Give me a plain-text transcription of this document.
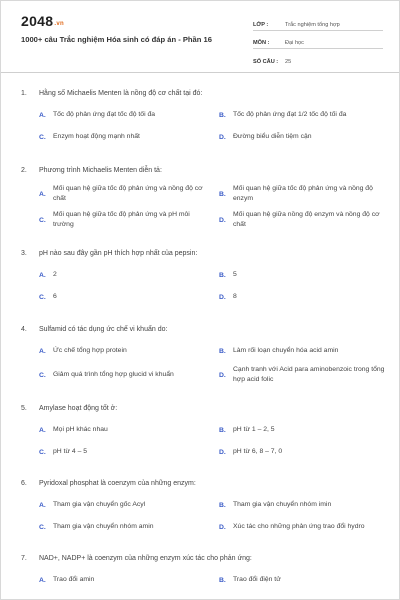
2048.vn
1000+ câu Trắc nghiệm Hóa sinh có đáp án - Phần 16
LỚP :	Trắc nghiệm tổng hợp
MÔN :	Đại học
SỐ CÂU :	25
1. Hằng số Michaelis Menten là nồng độ cơ chất tại đó:
A.	Tốc độ phản ứng đạt tốc độ tối đa	B.	Tốc độ phản ứng đạt 1/2 tốc độ tối đa
C.	Enzym hoạt động mạnh nhất	D.	Đường biểu diễn tiệm cận
2. Phương trình Michaelis Menten diễn tả:
A.
Mối quan hệ giữa tốc độ phản ứng và nồng độ cơ chất
B.
Mối quan hệ giữa tốc độ phản ứng và nồng độ enzym
C.
Mối quan hệ giữa tốc độ phản ứng và pH môi trường
D.
Mối quan hệ giữa nồng độ enzym và nồng độ cơ chất
3. pH nào sau đây gần pH thích hợp nhất của pepsin:
A.	2	B.	5
C.	6	D.	8
4. Sulfamid có tác dụng ức chế vi khuẩn do:
A.	Ức chế tổng hợp protein	B.	Làm rối loạn chuyển hóa acid amin
C.	Giảm quá trình tổng hợp glucid vi khuẩn	D.
Cạnh tranh với Acid para aminobenzoic trong tổng hợp acid folic
5. Amylase hoạt động tốt ở:
A.	Mọi pH khác nhau	B.	pH từ 1 – 2, 5
C.	pH từ 4 – 5	D.	pH từ 6, 8 – 7, 0
6. Pyridoxal phosphat là coenzym của những enzym:
A.	Tham gia vận chuyển gốc Acyl	B.	Tham gia vận chuyển nhóm imin
C.	Tham gia vận chuyển nhóm amin	D.	Xúc tác cho những phản ứng trao đổi hydro
7. NAD+, NADP+ là coenzym của những enzym xúc tác cho phản ứng:
A.	Trao đổi amin	B.	Trao đổi điện tử
